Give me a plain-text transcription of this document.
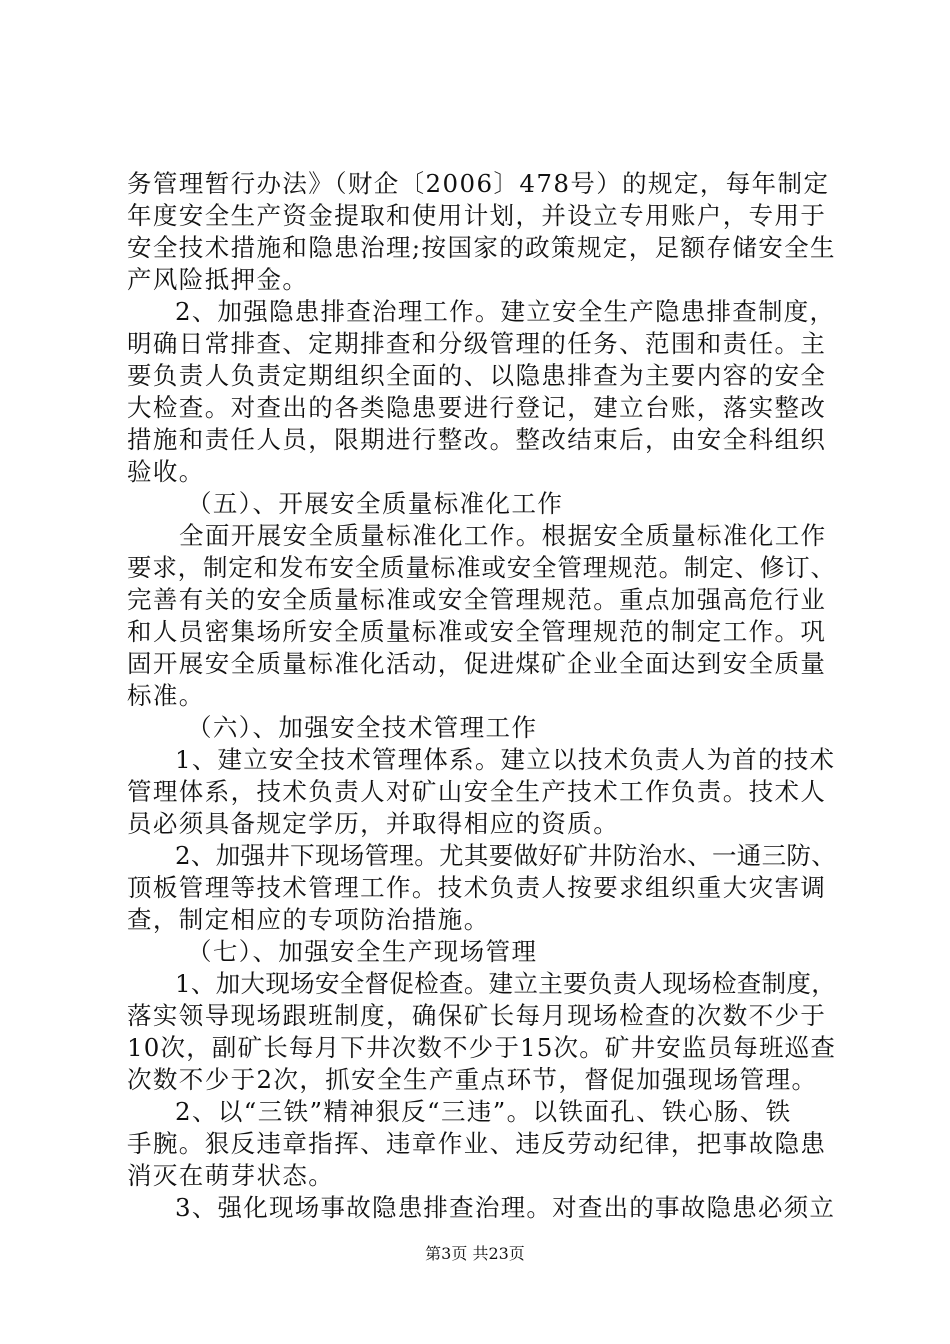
务管理暂行办法》（财企〔2006〕478号）的规定，每年制定
年度安全生产资金提取和使用计划，并设立专用账户，专用于
安全技术措施和隐患治理;按国家的政策规定，足额存储安全生
产风险抵押金。
2、加强隐患排查治理工作。建立安全生产隐患排查制度，
明确日常排查、定期排查和分级管理的任务、范围和责任。主
要负责人负责定期组织全面的、以隐患排查为主要内容的安全
大检查。对查出的各类隐患要进行登记，建立台账，落实整改
措施和责任人员，限期进行整改。整改结束后，由安全科组织
验收。
（五）、开展安全质量标准化工作
全面开展安全质量标准化工作。根据安全质量标准化工作
要求，制定和发布安全质量标准或安全管理规范。制定、修订、
完善有关的安全质量标准或安全管理规范。重点加强高危行业
和人员密集场所安全质量标准或安全管理规范的制定工作。巩
固开展安全质量标准化活动，促进煤矿企业全面达到安全质量
标准。
（六）、加强安全技术管理工作
1、建立安全技术管理体系。建立以技术负责人为首的技术
管理体系，技术负责人对矿山安全生产技术工作负责。技术人
员必须具备规定学历，并取得相应的资质。
2、加强井下现场管理。尤其要做好矿井防治水、一通三防、
顶板管理等技术管理工作。技术负责人按要求组织重大灾害调
查，制定相应的专项防治措施。
（七）、加强安全生产现场管理
1、加大现场安全督促检查。建立主要负责人现场检查制度，
落实领导现场跟班制度，确保矿长每月现场检查的次数不少于
10次，副矿长每月下井次数不少于15次。矿井安监员每班巡查
次数不少于2次，抓安全生产重点环节，督促加强现场管理。
2、以“三铁”精神狠反“三违”。以铁面孔、铁心肠、铁
手腕。狠反违章指挥、违章作业、违反劳动纪律，把事故隐患
消灭在萌芽状态。
3、强化现场事故隐患排查治理。对查出的事故隐患必须立
第3页 共23页
